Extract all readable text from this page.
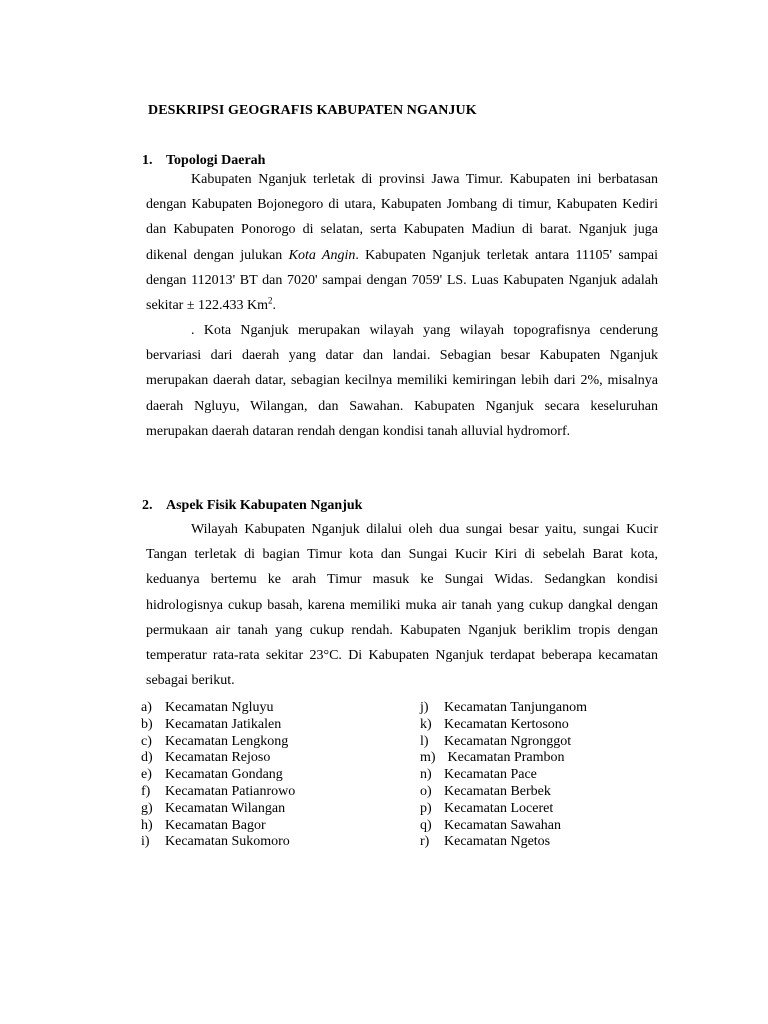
DESKRIPSI GEOGRAFIS KABUPATEN NGANJUK
1. Topologi Daerah

Kabupaten Nganjuk terletak di provinsi Jawa Timur. Kabupaten ini berbatasan dengan Kabupaten Bojonegoro di utara, Kabupaten Jombang di timur, Kabupaten Kediri dan Kabupaten Ponorogo di selatan, serta Kabupaten Madiun di barat. Nganjuk juga dikenal dengan julukan Kota Angin. Kabupaten Nganjuk terletak antara 11105' sampai dengan 112013' BT dan 7020' sampai dengan 7059' LS. Luas Kabupaten Nganjuk adalah sekitar ± 122.433 Km$^2$.

. Kota Nganjuk merupakan wilayah yang wilayah topografisnya cenderung bervariasi dari daerah yang datar dan landai. Sebagian besar Kabupaten Nganjuk merupakan daerah datar, sebagian kecilnya memiliki kemiringan lebih dari 2%, misalnya daerah Ngluyu, Wilangan, dan Sawahan. Kabupaten Nganjuk secara keseluruhan merupakan daerah dataran rendah dengan kondisi tanah alluvial hydromorf.

2. Aspek Fisik Kabupaten Nganjuk

Wilayah Kabupaten Nganjuk dilalui oleh dua sungai besar yaitu, sungai Kucir Tangan terletak di bagian Timur kota dan Sungai Kucir Kiri di sebelah Barat kota, keduanya bertemu ke arah Timur masuk ke Sungai Widas. Sedangkan kondisi hidrologisnya cukup basah, karena memiliki muka air tanah yang cukup dangkal dengan permukaan air tanah yang cukup rendah. Kabupaten Nganjuk beriklim tropis dengan temperatur rata-rata sekitar 23°C. Di Kabupaten Nganjuk terdapat beberapa kecamatan sebagai berikut.

a) Kecamatan Ngluyu
b) Kecamatan Jatikalen
c) Kecamatan Lengkong
d) Kecamatan Rejoso
e) Kecamatan Gondang
f) Kecamatan Patianrowo
g) Kecamatan Wilangan
h) Kecamatan Bagor
i) Kecamatan Sukomoro
j) Kecamatan Tanjunganom
k) Kecamatan Kertosono
l) Kecamatan Ngronggot
m) Kecamatan Prambon
n) Kecamatan Pace
o) Kecamatan Berbek
p) Kecamatan Loceret
q) Kecamatan Sawahan
r) Kecamatan Ngetos
